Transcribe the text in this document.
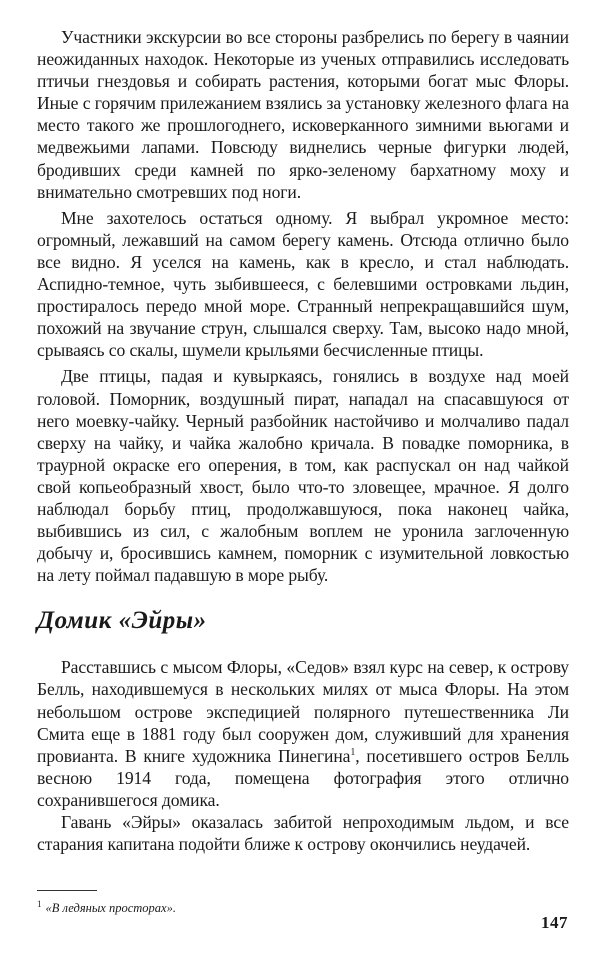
Участники экскурсии во все стороны разбрелись по берегу в чаянии неожиданных находок. Некоторые из ученых отправились исследовать птичьи гнездовья и собирать растения, которыми богат мыс Флоры. Иные с горячим прилежанием взялись за установку железного флага на место такого же прошлогоднего, исковерканного зимними вьюгами и медвежьими лапами. Повсюду виднелись черные фигурки людей, бродивших среди камней по ярко-зеленому бархатному моху и внимательно смотревших под ноги.

Мне захотелось остаться одному. Я выбрал укромное место: огромный, лежавший на самом берегу камень. Отсюда отлично было все видно. Я уселся на камень, как в кресло, и стал наблюдать. Аспидно-темное, чуть зыбившееся, с белевшими островками льдин, простиралось передо мной море. Странный непрекращавшийся шум, похожий на звучание струн, слышался сверху. Там, высоко надо мной, срываясь со скалы, шумели крыльями бесчисленные птицы.

Две птицы, падая и кувыркаясь, гонялись в воздухе над моей головой. Поморник, воздушный пират, нападал на спасавшуюся от него моевку-чайку. Черный разбойник настойчиво и молчаливо падал сверху на чайку, и чайка жалобно кричала. В повадке поморника, в траурной окраске его оперения, в том, как распускал он над чайкой свой копьеобразный хвост, было что-то зловещее, мрачное. Я долго наблюдал борьбу птиц, продолжавшуюся, пока наконец чайка, выбившись из сил, с жалобным воплем не уронила заглоченную добычу и, бросившись камнем, поморник с изумительной ловкостью на лету поймал падавшую в море рыбу.

Домик «Эйры»

Расставшись с мысом Флоры, «Седов» взял курс на север, к острову Белль, находившемуся в нескольких милях от мыса Флоры. На этом небольшом острове экспедицией полярного путешественника Ли Смита еще в 1881 году был сооружен дом, служивший для хранения провианта. В книге художника Пинегина$^1$, посетившего остров Белль весною 1914 года, помещена фотография этого отлично сохранившегося домика.

Гавань «Эйры» оказалась забитой непроходимым льдом, и все старания капитана подойти ближе к острову окончились неудачей.

$^1$ «В ледяных просторах».
147
